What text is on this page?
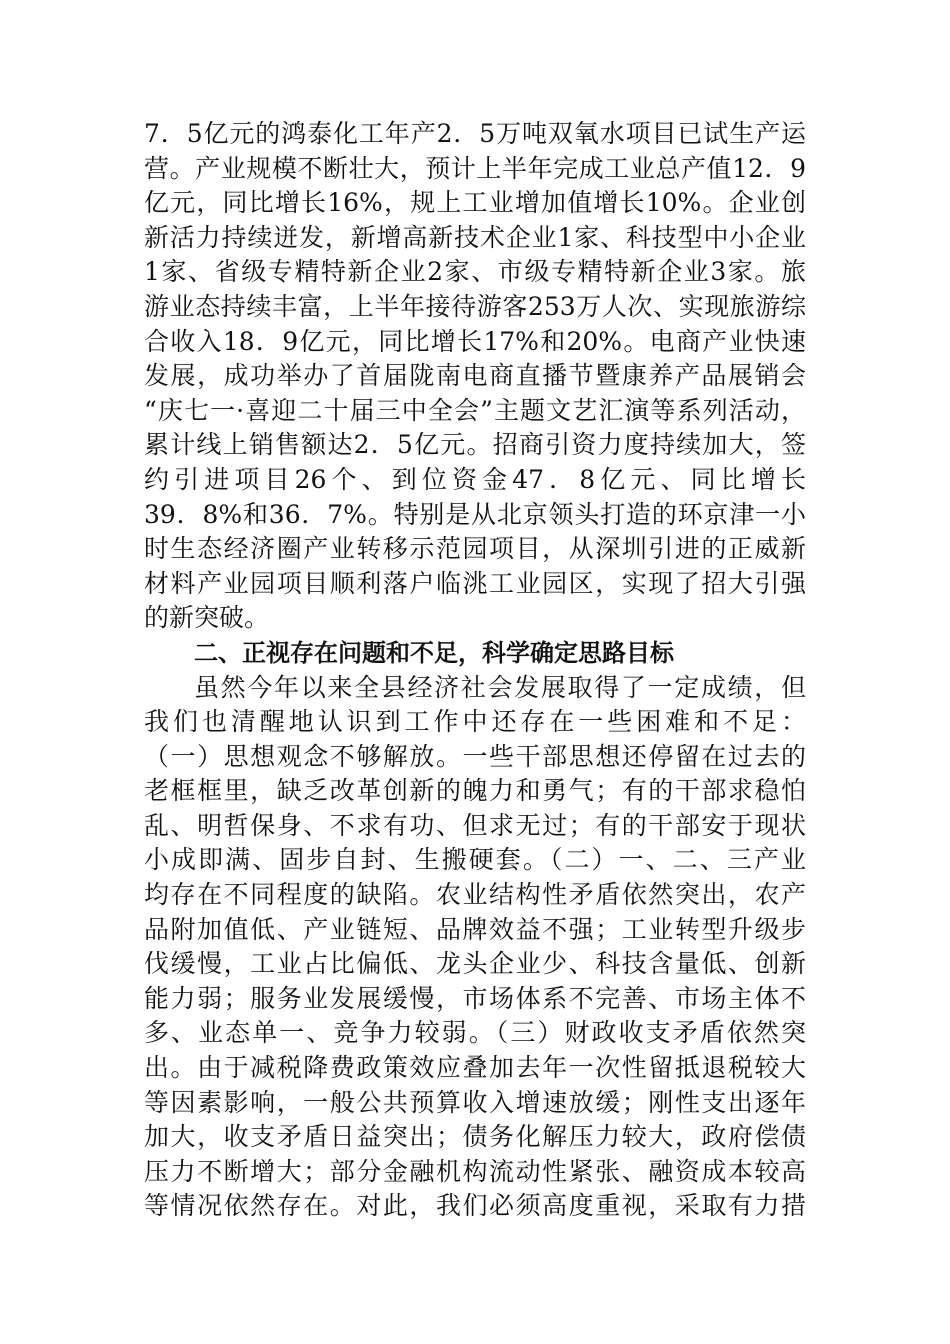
7．5亿元的鸿泰化工年产2．5万吨双氧水项目已试生产运
营。产业规模不断壮大，预计上半年完成工业总产值12．9
亿元，同比增长16%，规上工业增加值增长10%。企业创
新活力持续迸发，新增高新技术企业1家、科技型中小企业
1家、省级专精特新企业2家、市级专精特新企业3家。旅
游业态持续丰富，上半年接待游客253万人次、实现旅游综
合收入18．9亿元，同比增长17%和20%。电商产业快速
发展，成功举办了首届陇南电商直播节暨康养产品展销会
“庆七一·喜迎二十届三中全会”主题文艺汇演等系列活动，
累计线上销售额达2．5亿元。招商引资力度持续加大，签
约引进项目26个、到位资金47．8亿元、同比增长
39．8%和36．7%。特别是从北京领头打造的环京津一小
时生态经济圈产业转移示范园项目，从深圳引进的正威新
材料产业园项目顺利落户临洮工业园区，实现了招大引强
的新突破。
二、正视存在问题和不足，科学确定思路目标
虽然今年以来全县经济社会发展取得了一定成绩，但
我们也清醒地认识到工作中还存在一些困难和不足：
（一）思想观念不够解放。一些干部思想还停留在过去的
老框框里，缺乏改革创新的魄力和勇气；有的干部求稳怕
乱、明哲保身、不求有功、但求无过；有的干部安于现状
小成即满、固步自封、生搬硬套。（二）一、二、三产业
均存在不同程度的缺陷。农业结构性矛盾依然突出，农产
品附加值低、产业链短、品牌效益不强；工业转型升级步
伐缓慢，工业占比偏低、龙头企业少、科技含量低、创新
能力弱；服务业发展缓慢，市场体系不完善、市场主体不
多、业态单一、竞争力较弱。（三）财政收支矛盾依然突
出。由于减税降费政策效应叠加去年一次性留抵退税较大
等因素影响，一般公共预算收入增速放缓；刚性支出逐年
加大，收支矛盾日益突出；债务化解压力较大，政府偿债
压力不断增大；部分金融机构流动性紧张、融资成本较高
等情况依然存在。对此，我们必须高度重视，采取有力措
